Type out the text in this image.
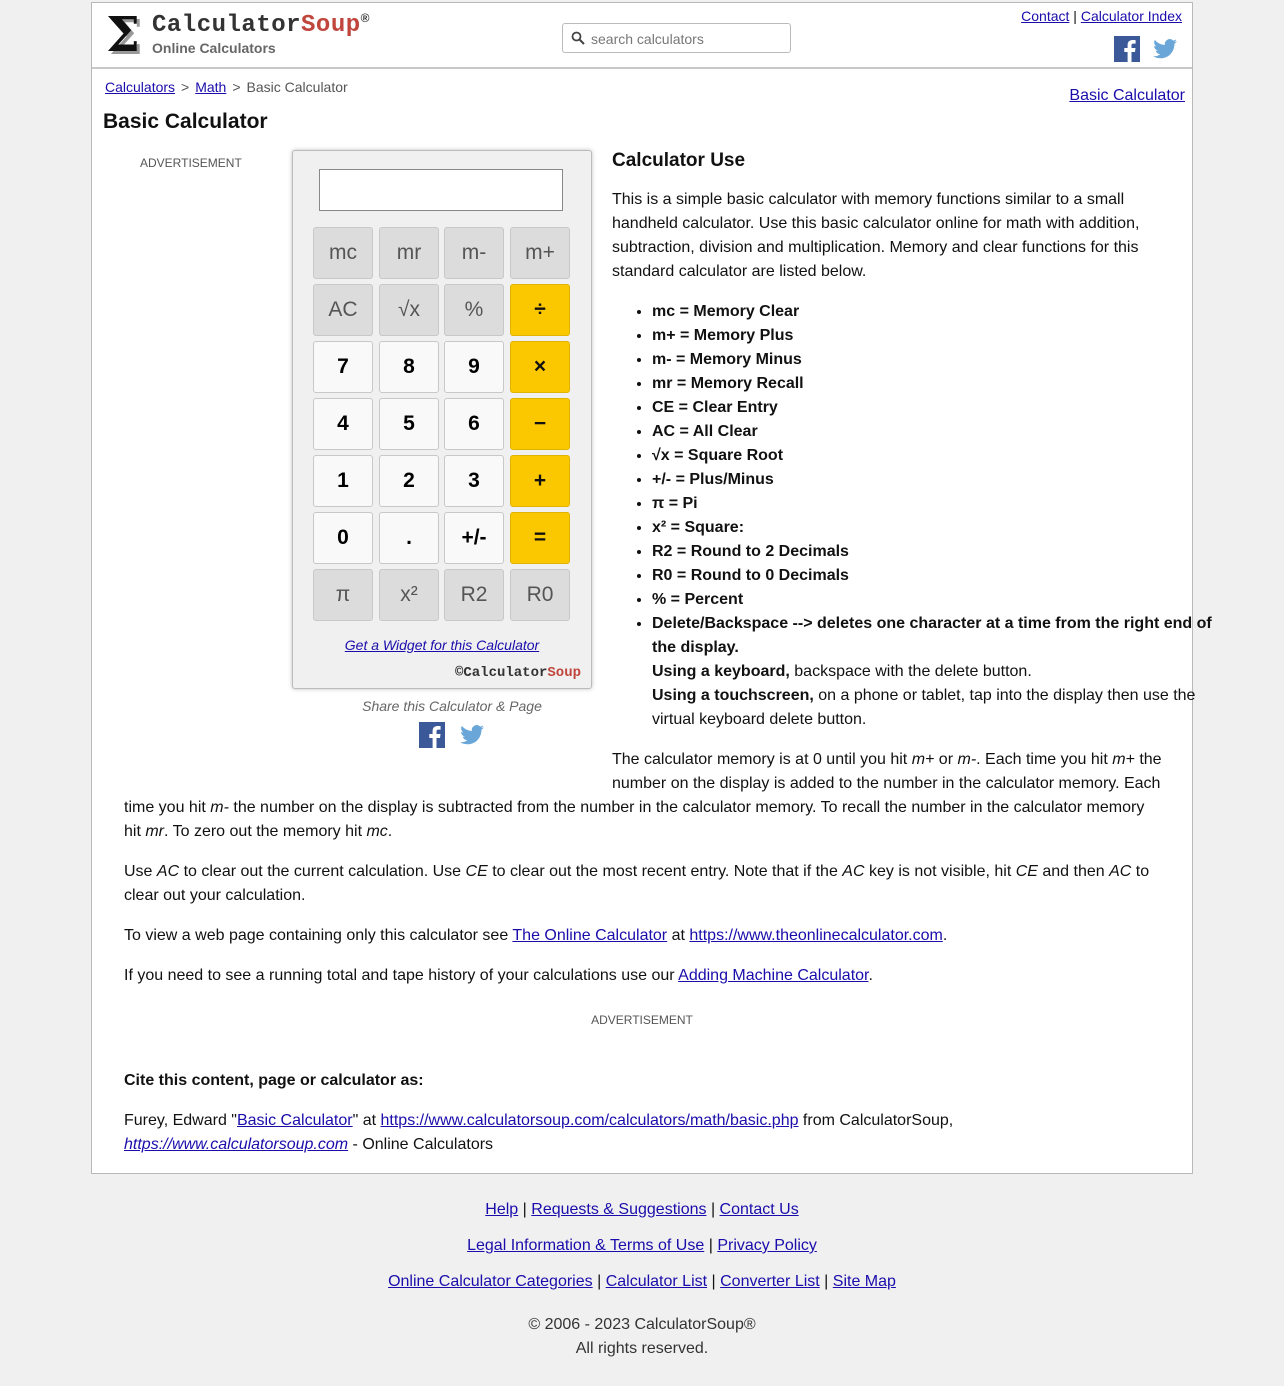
Σ CalculatorSoup®
Online Calculators
search calculators
Contact | Calculator Index

Calculators > Math > Basic Calculator	Basic Calculator
Basic Calculator
ADVERTISEMENT
mc	mr	m-	m+
AC	√x	%	÷
7	8	9	×
4	5	6	−
1	2	3	+
0	.	+/-	=
π	x²	R2	R0
Get a Widget for this Calculator
©CalculatorSoup
Share this Calculator & Page

Calculator Use

This is a simple basic calculator with memory functions similar to a small handheld calculator. Use this basic calculator online for math with addition, subtraction, division and multiplication. Memory and clear functions for this standard calculator are listed below.

• mc = Memory Clear
• m+ = Memory Plus
• m- = Memory Minus
• mr = Memory Recall
• CE = Clear Entry
• AC = All Clear
• √x = Square Root
• +/- = Plus/Minus
• π = Pi
• x² = Square:
• R2 = Round to 2 Decimals
• R0 = Round to 0 Decimals
• % = Percent
• Delete/Backspace --> deletes one character at a time from the right end of the display.
Using a keyboard, backspace with the delete button.
Using a touchscreen, on a phone or tablet, tap into the display then use the virtual keyboard delete button.

The calculator memory is at 0 until you hit m+ or m-. Each time you hit m+ the number on the display is added to the number in the calculator memory. Each time you hit m- the number on the display is subtracted from the number in the calculator memory. To recall the number in the calculator memory hit mr. To zero out the memory hit mc.

Use AC to clear out the current calculation. Use CE to clear out the most recent entry. Note that if the AC key is not visible, hit CE and then AC to clear out your calculation.

To view a web page containing only this calculator see The Online Calculator at https://www.theonlinecalculator.com.

If you need to see a running total and tape history of your calculations use our Adding Machine Calculator.

ADVERTISEMENT

Cite this content, page or calculator as:

Furey, Edward "Basic Calculator" at https://www.calculatorsoup.com/calculators/math/basic.php from CalculatorSoup, https://www.calculatorsoup.com - Online Calculators

Help | Requests & Suggestions | Contact Us
Legal Information & Terms of Use | Privacy Policy
Online Calculator Categories | Calculator List | Converter List | Site Map
© 2006 - 2023 CalculatorSoup®
All rights reserved.
